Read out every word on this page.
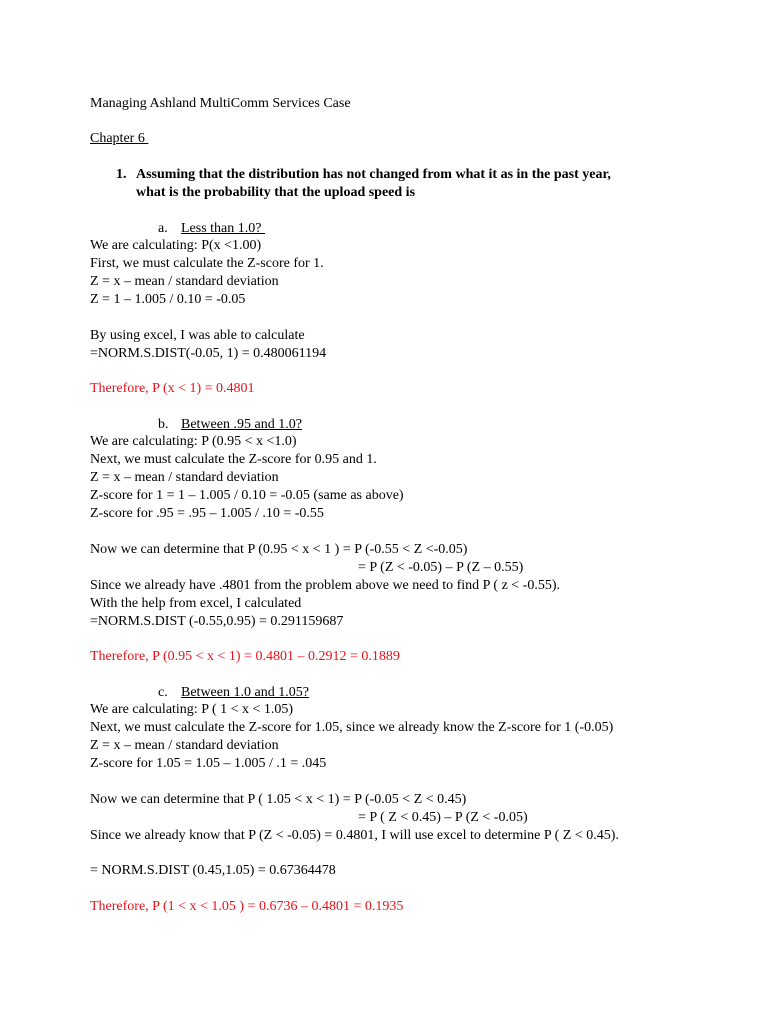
Managing Ashland MultiComm Services Case

Chapter 6

1. Assuming that the distribution has not changed from what it as in the past year,
what is the probability that the upload speed is
a. Less than 1.0?

We are calculating: P(x <1.00)

First, we must calculate the Z-score for 1.

Z = x – mean / standard deviation

Z = 1 – 1.005 / 0.10 = -0.05

By using excel, I was able to calculate

=NORM.S.DIST(-0.05, 1) = 0.480061194

Therefore, P (x < 1) = 0.4801

b. Between .95 and 1.0?

We are calculating: P (0.95 < x <1.0)

Next, we must calculate the Z-score for 0.95 and 1.

Z = x – mean / standard deviation

Z-score for 1 = 1 – 1.005 / 0.10 = -0.05 (same as above)

Z-score for .95 = .95 – 1.005 / .10 = -0.55

Now we can determine that P (0.95 < x < 1 ) = P (-0.55 < Z <-0.05)

= P (Z < -0.05) – P (Z – 0.55)

Since we already have .4801 from the problem above we need to find P ( z < -0.55).

With the help from excel, I calculated

=NORM.S.DIST (-0.55,0.95) = 0.291159687

Therefore, P (0.95 < x < 1) = 0.4801 – 0.2912 = 0.1889

c. Between 1.0 and 1.05?

We are calculating: P ( 1 < x < 1.05)

Next, we must calculate the Z-score for 1.05, since we already know the Z-score for 1 (-0.05)

Z = x – mean / standard deviation

Z-score for 1.05 = 1.05 – 1.005 / .1 = .045

Now we can determine that P ( 1.05 < x < 1) = P (-0.05 < Z < 0.45)

= P ( Z < 0.45) – P (Z < -0.05)

Since we already know that P (Z < -0.05) = 0.4801, I will use excel to determine P ( Z < 0.45).

= NORM.S.DIST (0.45,1.05) = 0.67364478

Therefore, P (1 < x < 1.05 ) = 0.6736 – 0.4801 = 0.1935
